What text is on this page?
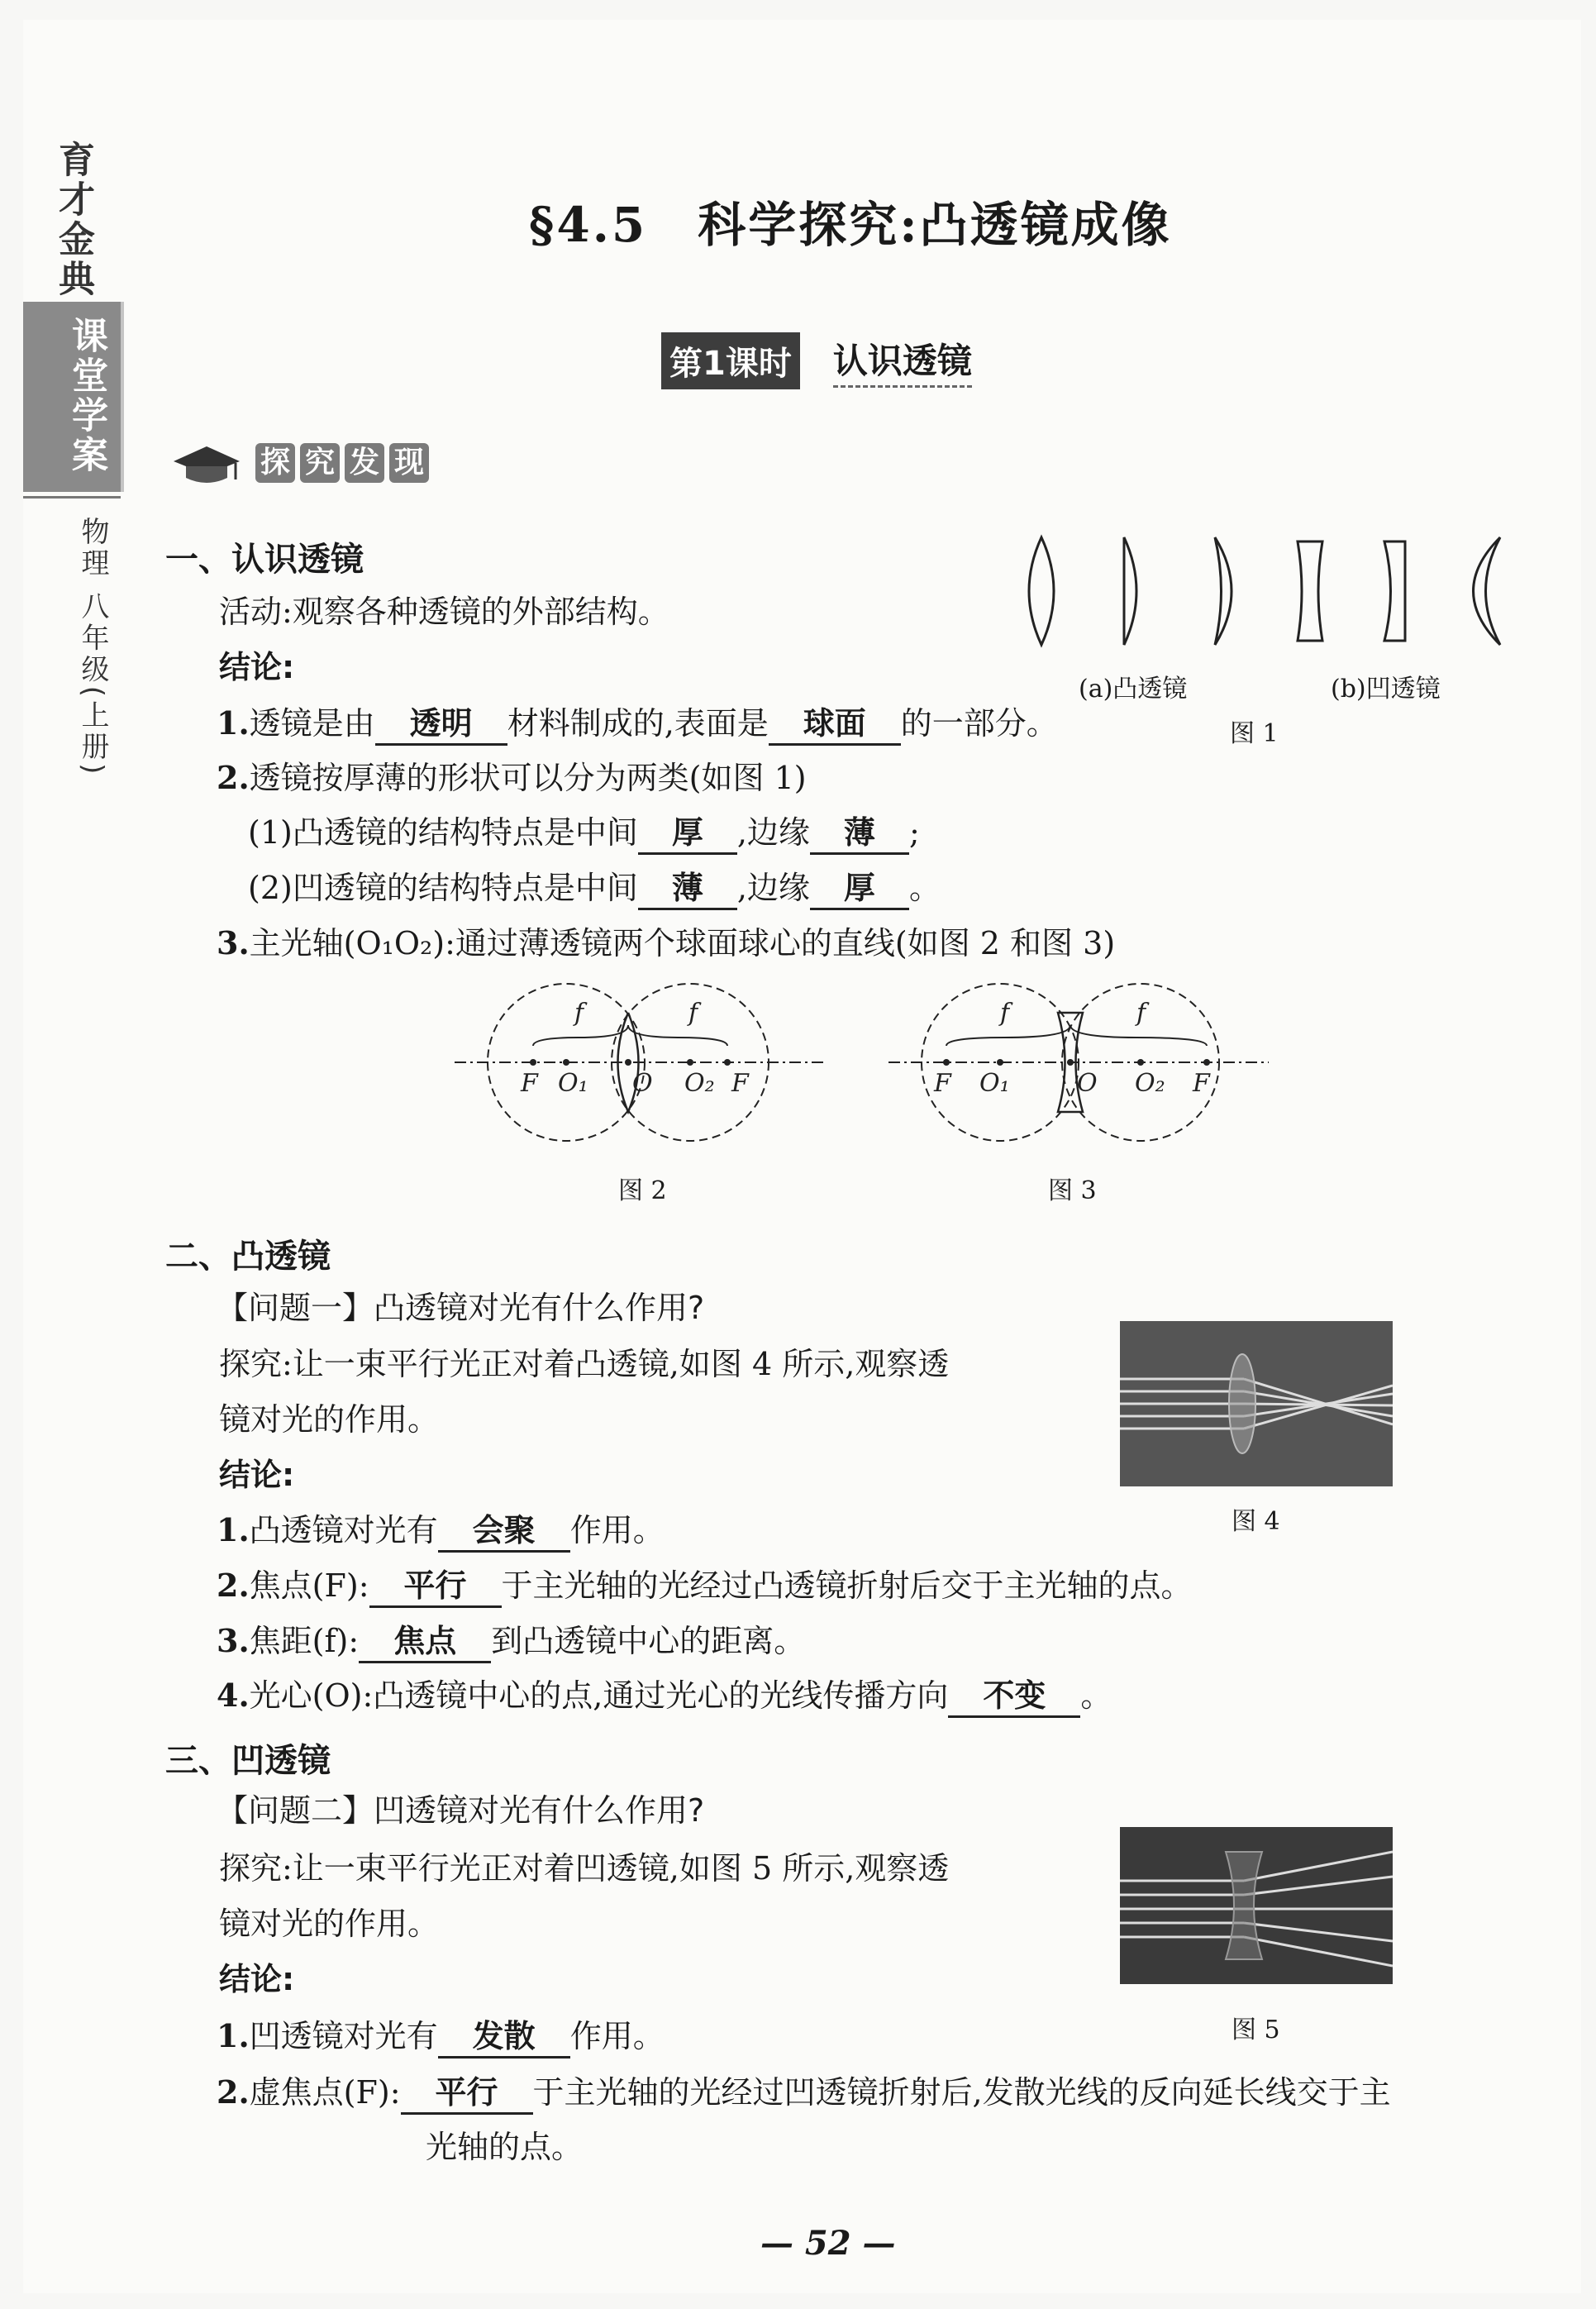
育才金典
课堂学案
物理 八年级(上册)
§4.5　科学探究:凸透镜成像
第1课时 认识透镜
探 究 发 现
一、认识透镜
活动:观察各种透镜的外部结构。
结论:
1.透镜是由 透明 材料制成的,表面是 球面 的一部分。
2.透镜按厚薄的形状可以分为两类(如图 1)
(1)凸透镜的结构特点是中间 厚 ,边缘 薄 ;
(2)凹透镜的结构特点是中间 薄 ,边缘 厚 。
3.主光轴(O₁O₂):通过薄透镜两个球面球心的直线(如图 2 和图 3)
(a)凸透镜	(b)凹透镜
图 1
f	f
F O₁ O O₂ F
图 2
f	f
F O₁	O O₂ F
图 3
二、凸透镜
【问题一】凸透镜对光有什么作用?
探究:让一束平行光正对着凸透镜,如图 4 所示,观察透
镜对光的作用。
结论:
1.凸透镜对光有 会聚 作用。
2.焦点(F): 平行 于主光轴的光经过凸透镜折射后交于主光轴的点。
3.焦距(f): 焦点 到凸透镜中心的距离。
4.光心(O):凸透镜中心的点,通过光心的光线传播方向 不变 。
图 4
三、凹透镜
【问题二】凹透镜对光有什么作用?
探究:让一束平行光正对着凹透镜,如图 5 所示,观察透
镜对光的作用。
结论:
1.凹透镜对光有 发散 作用。
2.虚焦点(F): 平行 于主光轴的光经过凹透镜折射后,发散光线的反向延长线交于主
光轴的点。
图 5
— 52 —
